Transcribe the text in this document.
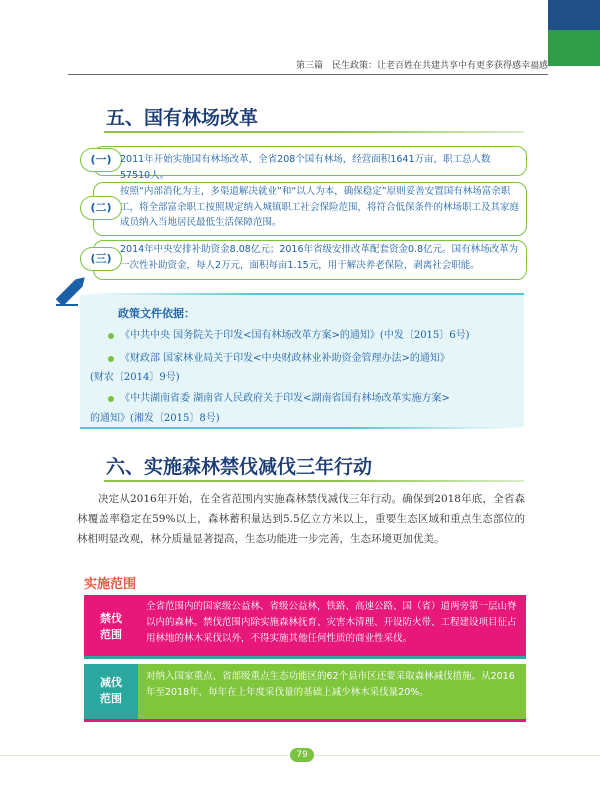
第三篇　民生政策：让老百姓在共建共享中有更多获得感幸福感
五、国有林场改革
(一) 2011年开始实施国有林场改革，全省208个国有林场，经营面积1641万亩，职工总人数57510人。
(二)
按照“内部消化为主，多渠道解决就业”和“以人为本，确保稳定”原则妥善安置国有林场富余职工，将全部富余职工按照规定纳入城镇职工社会保险范围，将符合低保条件的林场职工及其家庭成员纳入当地居民最低生活保障范围。
(三)
2014年中央安排补助资金8.08亿元；2016年省级安排改革配套资金0.8亿元。国有林场改革为一次性补助资金，每人2万元，面积每亩1.15元，用于解决养老保险，剥离社会职能。
政策文件依据：
《中共中央 国务院关于印发<国有林场改革方案>的通知》(中发〔2015〕6号)
《财政部 国家林业局关于印发<中央财政林业补助资金管理办法>的通知》
(财农〔2014〕9号)
《中共湖南省委 湖南省人民政府关于印发<湖南省国有林场改革实施方案>
的通知》(湘发〔2015〕8号)
六、实施森林禁伐减伐三年行动
决定从2016年开始，在全省范围内实施森林禁伐减伐三年行动。确保到2018年底，全省森林覆盖率稳定在59%以上，森林蓄积量达到5.5亿立方米以上，重要生态区域和重点生态部位的林相明显改观，林分质量显著提高，生态功能进一步完善，生态环境更加优美。
实施范围
禁伐
范围
全省范围内的国家级公益林、省级公益林，铁路、高速公路、国（省）道两旁第一层山脊以内的森林。禁伐范围内除实施森林抚育、灾害木清理、开设防火带、工程建设项目征占用林地的林木采伐以外，不得实施其他任何性质的商业性采伐。
减伐
范围
对纳入国家重点、省部级重点生态功能区的62个县市区还要采取森林减伐措施。从2016年至2018年，每年在上年度采伐量的基础上减少林木采伐量20%。
79
